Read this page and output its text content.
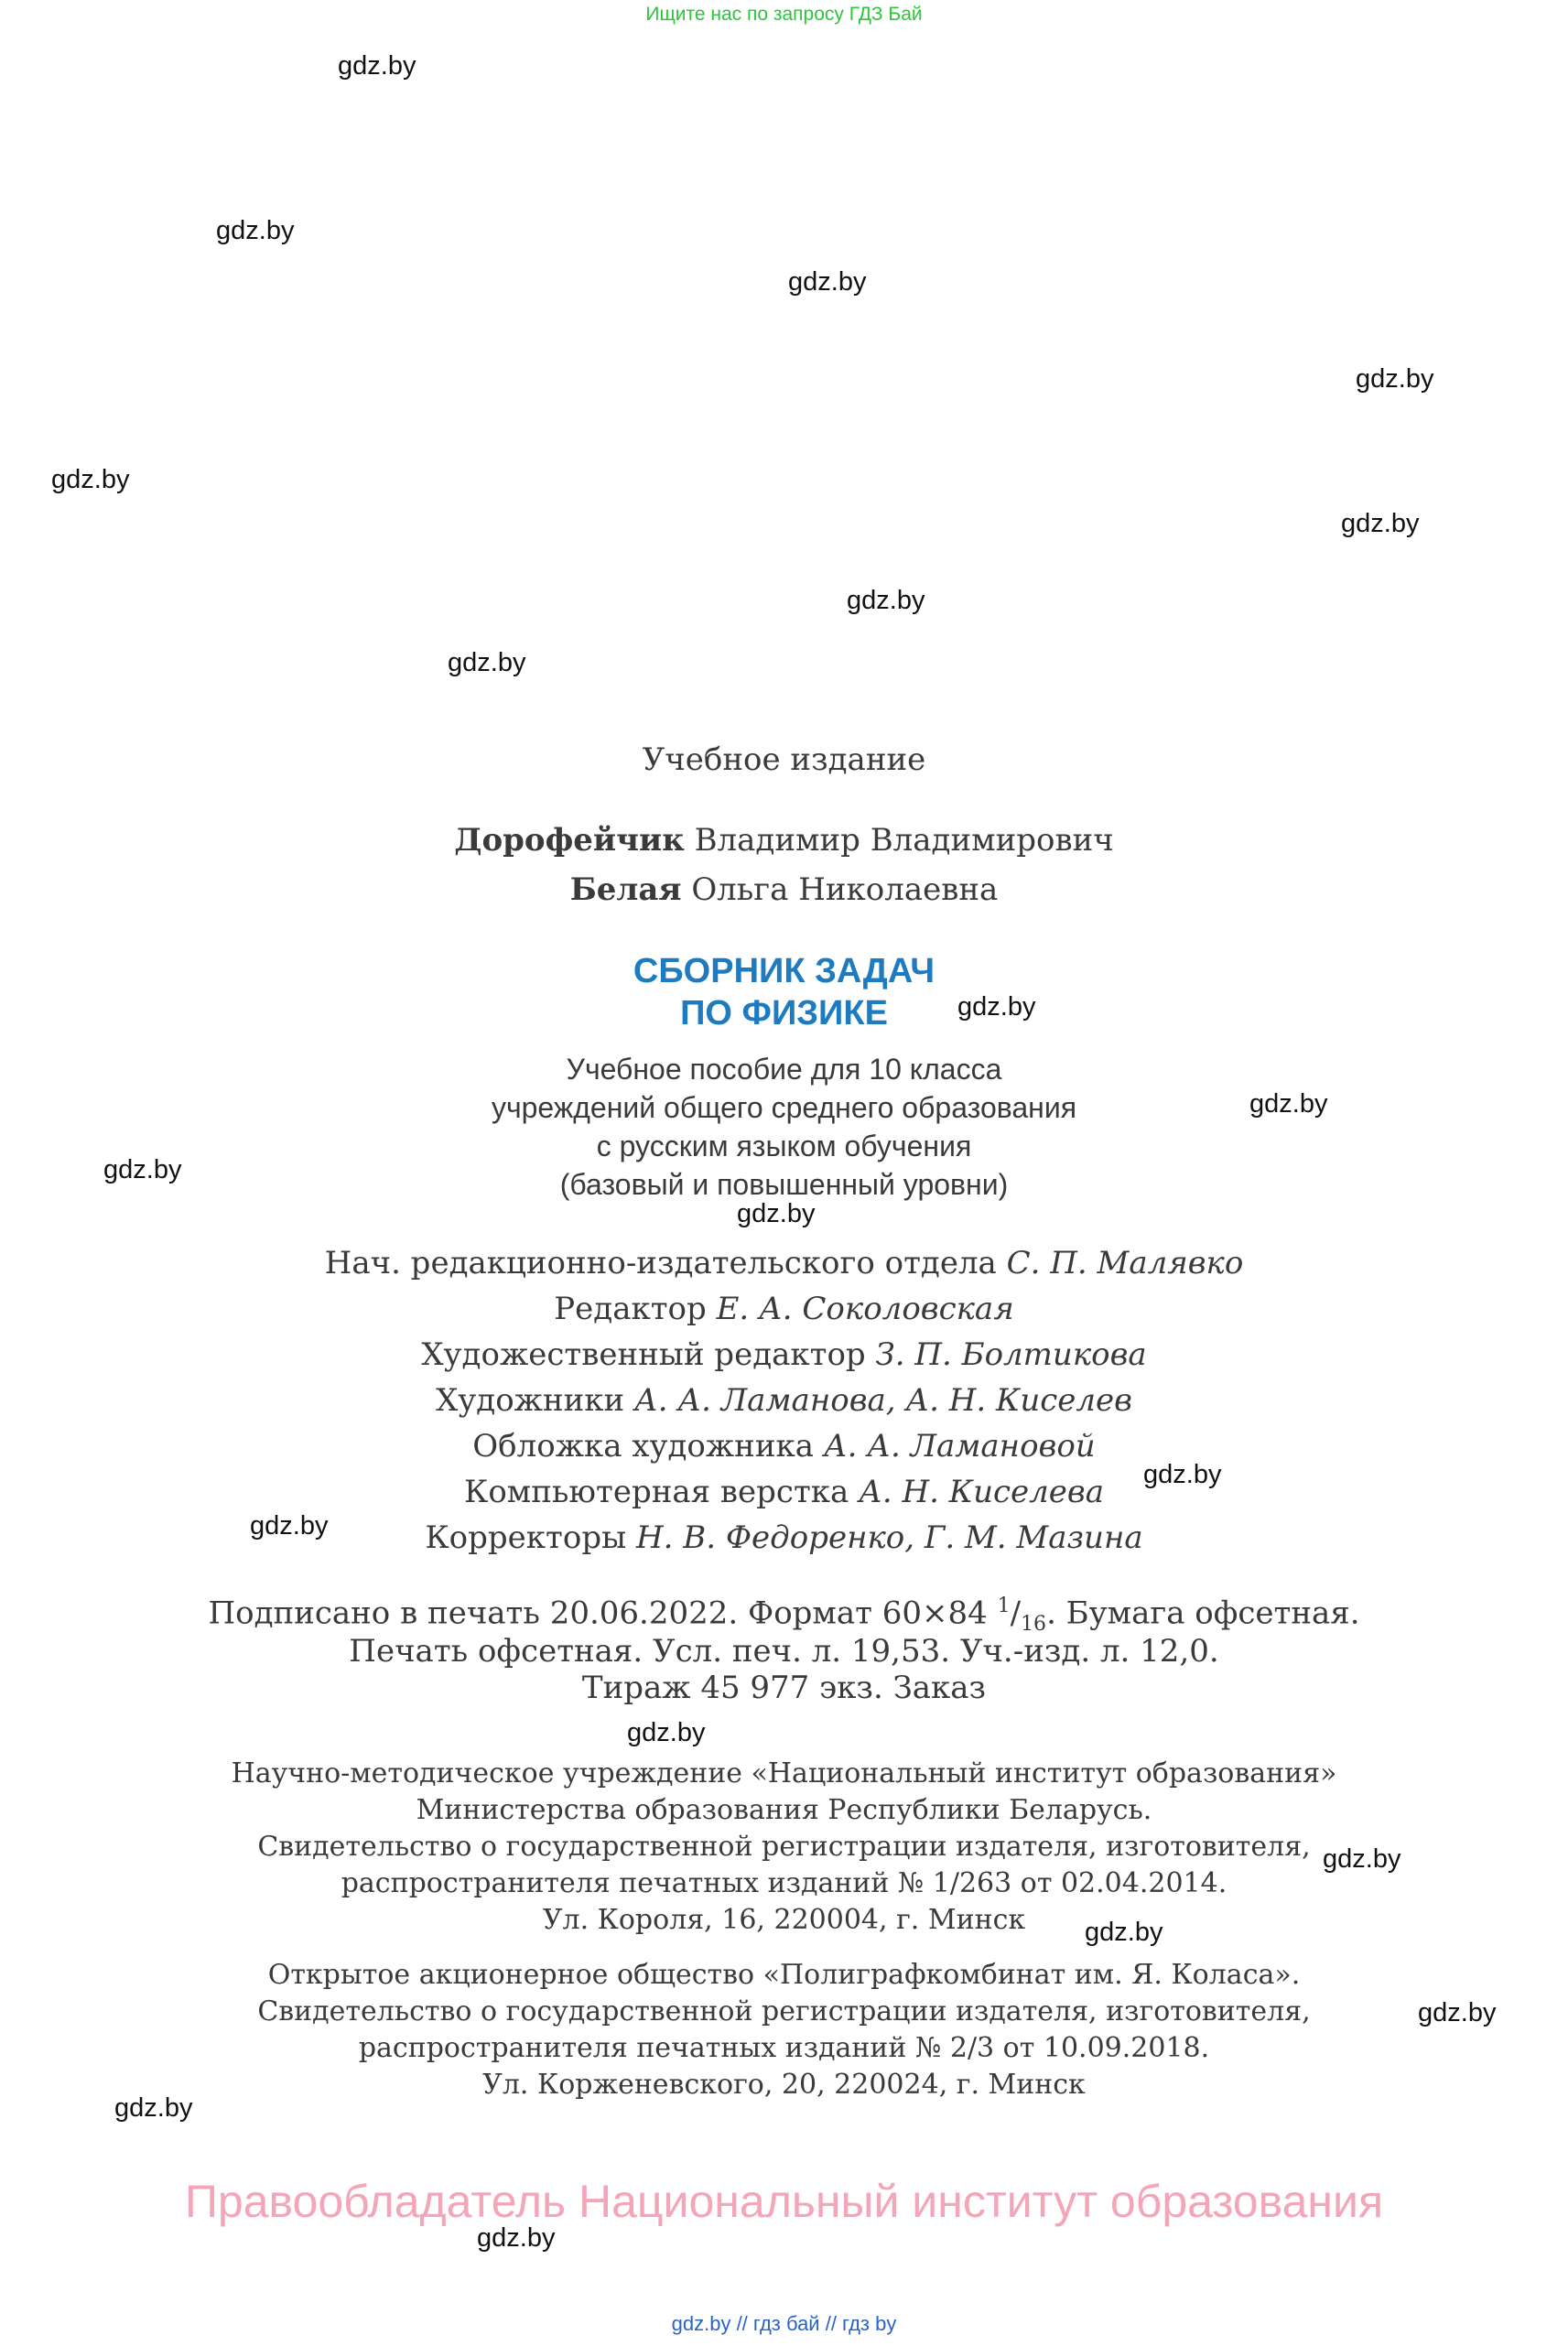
Ищите нас по запросу ГДЗ Бай
gdz.by
gdz.by
gdz.by
gdz.by
gdz.by
gdz.by
gdz.by
gdz.by
gdz.by
gdz.by
gdz.by
gdz.by
gdz.by
gdz.by
gdz.by
gdz.by
gdz.by
gdz.by
gdz.by
gdz.by
Учебное издание
Дорофейчик Владимир Владимирович
Белая Ольга Николаевна
СБОРНИК ЗАДАЧ
ПО ФИЗИКЕ
Учебное пособие для 10 класса
учреждений общего среднего образования
с русским языком обучения
(базовый и повышенный уровни)
Нач. редакционно-издательского отдела С. П. Малявко
Редактор Е. А. Соколовская
Художественный редактор З. П. Болтикова
Художники А. А. Ламанова, А. Н. Киселев
Обложка художника А. А. Ламановой
Компьютерная верстка А. Н. Киселева
Корректоры Н. В. Федоренко, Г. М. Мазина
Подписано в печать 20.06.2022. Формат 60×84 $^1/_{16}$. Бумага офсетная.
Печать офсетная. Усл. печ. л. 19,53. Уч.-изд. л. 12,0.
Тираж 45 977 экз. Заказ
Научно-методическое учреждение «Национальный институт образования»
Министерства образования Республики Беларусь.
Свидетельство о государственной регистрации издателя, изготовителя,
распространителя печатных изданий № 1/263 от 02.04.2014.
Ул. Короля, 16, 220004, г. Минск
Открытое акционерное общество «Полиграфкомбинат им. Я. Коласа».
Свидетельство о государственной регистрации издателя, изготовителя,
распространителя печатных изданий № 2/3 от 10.09.2018.
Ул. Корженевского, 20, 220024, г. Минск
Правообладатель Национальный институт образования
gdz.by // гдз бай // гдз by
